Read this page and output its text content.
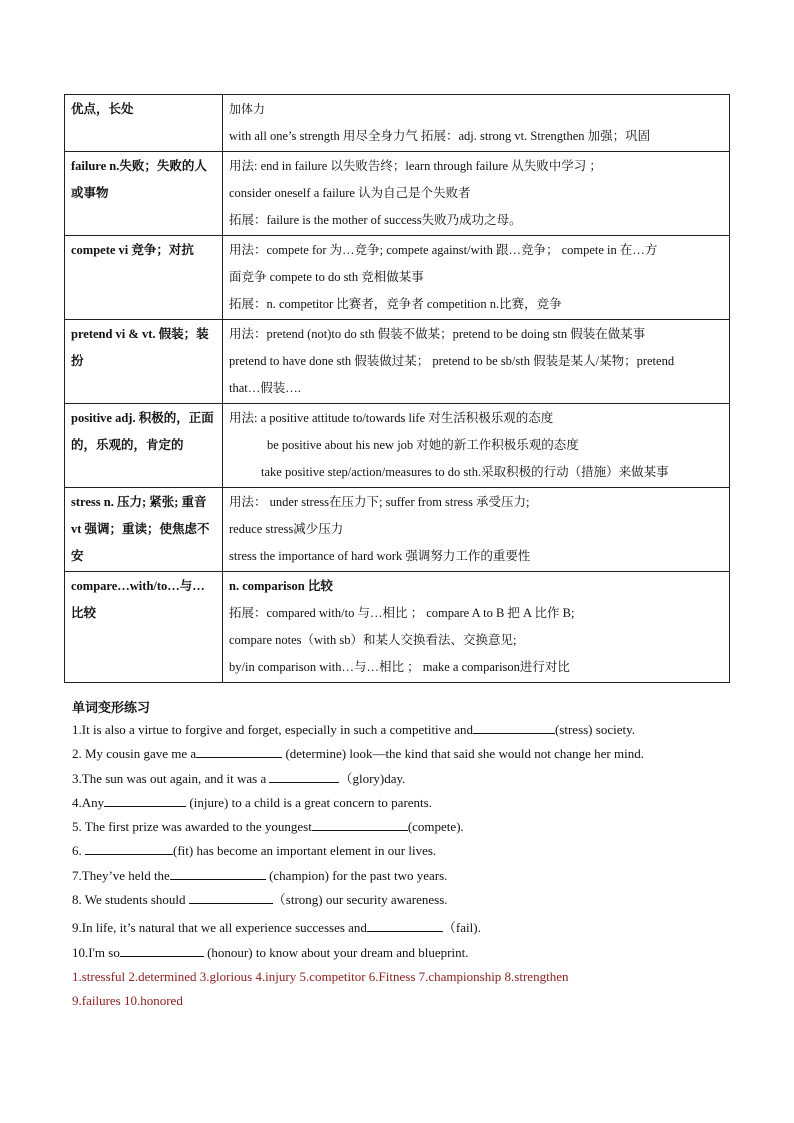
优点，长处	加体力
with all one’s strength 用尽全身力气 拓展：adj. strong vt. Strengthen 加强；巩固

failure n.失败；失败的人或事物	用法: end in failure 以失败告终；learn through failure 从失败中学习 ；
consider oneself a failure 认为自己是个失败者
拓展：failure is the mother of success失败乃成功之母。

compete vi 竞争；对抗	用法：compete for 为…竞争; compete against/with 跟…竞争； compete in 在…方
面竞争 compete to do sth 竞相做某事
拓展：n. competitor 比赛者，竞争者 competition n.比赛，竞争

pretend vi & vt. 假装；装扮	用法：pretend (not)to do sth 假装不做某；pretend to be doing stn 假装在做某事
pretend to have done sth 假装做过某； pretend to be sb/sth 假装是某人/某物；pretend
that…假装….

positive adj. 积极的，正面的，乐观的，肯定的	用法: a positive attitude to/towards life 对生活积极乐观的态度
be positive about his new job 对她的新工作积极乐观的态度
take positive step/action/measures to do sth.采取积极的行动（措施）来做某事

stress n. 压力; 紧张; 重音 vt 强调；重读；使焦虑不安	用法： under stress在压力下; suffer from stress 承受压力;
reduce stress减少压力
stress the importance of hard work 强调努力工作的重要性

compare…with/to…与…比较	n. comparison 比较
拓展：compared with/to 与…相比 ； compare A to B 把 A 比作 B;
compare notes（with sb）和某人交换看法、交换意见;
by/in comparison with…与…相比 ； make a comparison进行对比
单词变形练习
1.It is also a virtue to forgive and forget, especially in such a competitive and	(stress) society.
2. My cousin gave me a	(determine) look—the kind that said she would not change her mind.
3.The sun was out again, and it was a	（glory)day.
4.Any	(injure) to a child is a great concern to parents.
5. The first prize was awarded to the youngest	(compete).
6.	(fit) has become an important element in our lives.
7.They’ve held the	(champion) for the past two years.
8. We students should	（strong) our security awareness.
9.In life, it’s natural that we all experience successes and	（fail).
10.I'm so	(honour) to know about your dream and blueprint.
1.stressful 2.determined 3.glorious 4.injury 5.competitor 6.Fitness 7.championship 8.strengthen
9.failures 10.honored
